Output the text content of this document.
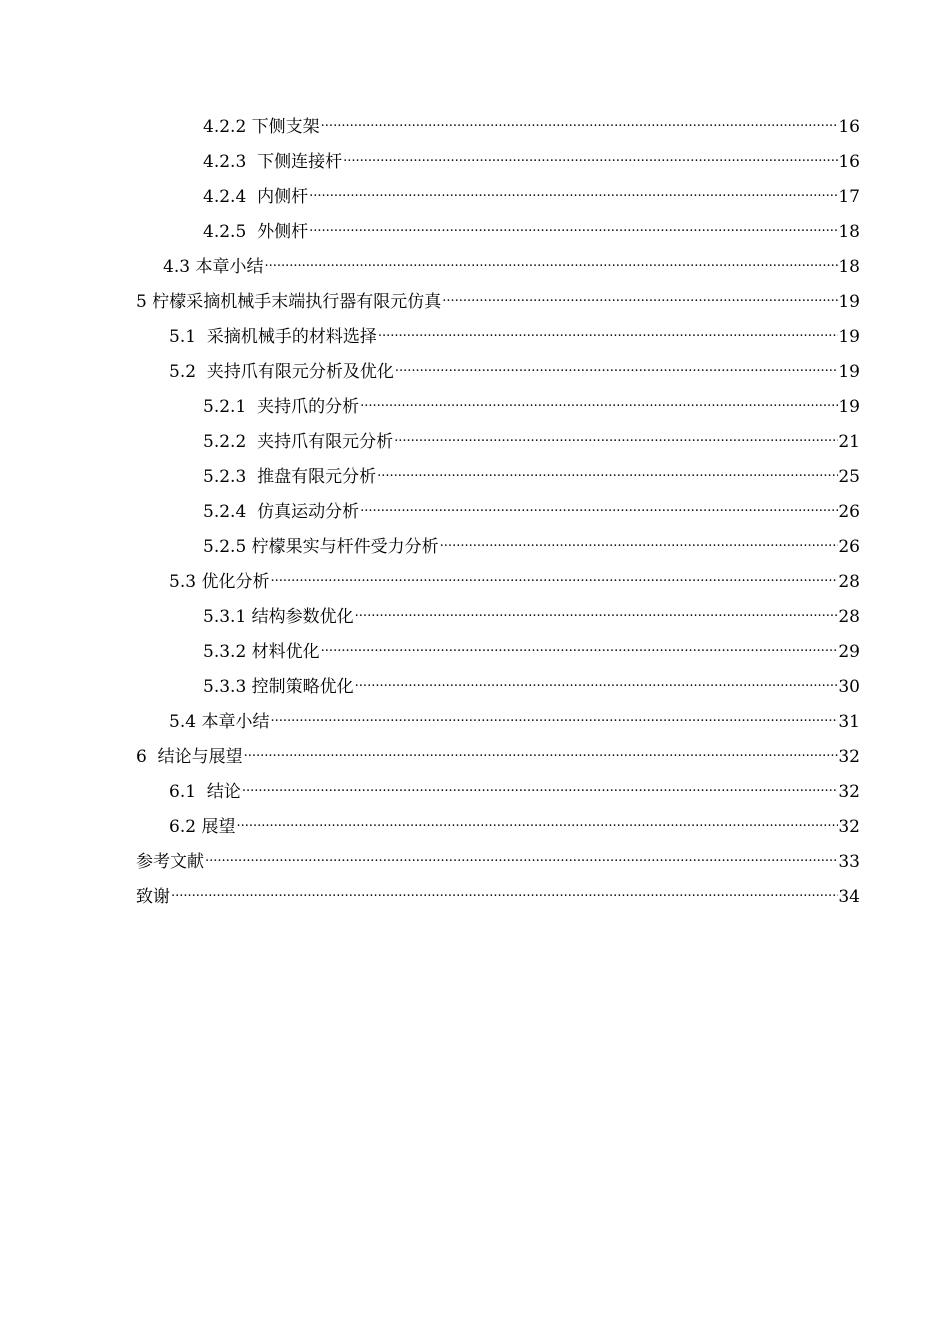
4.2.2 下侧支架 .....	16
4.2.3  下侧连接杆 .....	16
4.2.4  内侧杆 .....	17
4.2.5  外侧杆 .....	18
4.3 本章小结 .....	18
5 柠檬采摘机械手末端执行器有限元仿真 .....	19
5.1  采摘机械手的材料选择 .....	19
5.2  夹持爪有限元分析及优化 .....	19
5.2.1  夹持爪的分析 .....	19
5.2.2  夹持爪有限元分析 .....	21
5.2.3  推盘有限元分析 .....	25
5.2.4  仿真运动分析 .....	26
5.2.5 柠檬果实与杆件受力分析 .....	26
5.3 优化分析 .....	28
5.3.1 结构参数优化 .....	28
5.3.2 材料优化 .....	29
5.3.3 控制策略优化 .....	30
5.4 本章小结 .....	31
6  结论与展望 .....	32
6.1  结论 .....	32
6.2 展望 .....	32
参考文献 .....	33
致谢 .....	34
